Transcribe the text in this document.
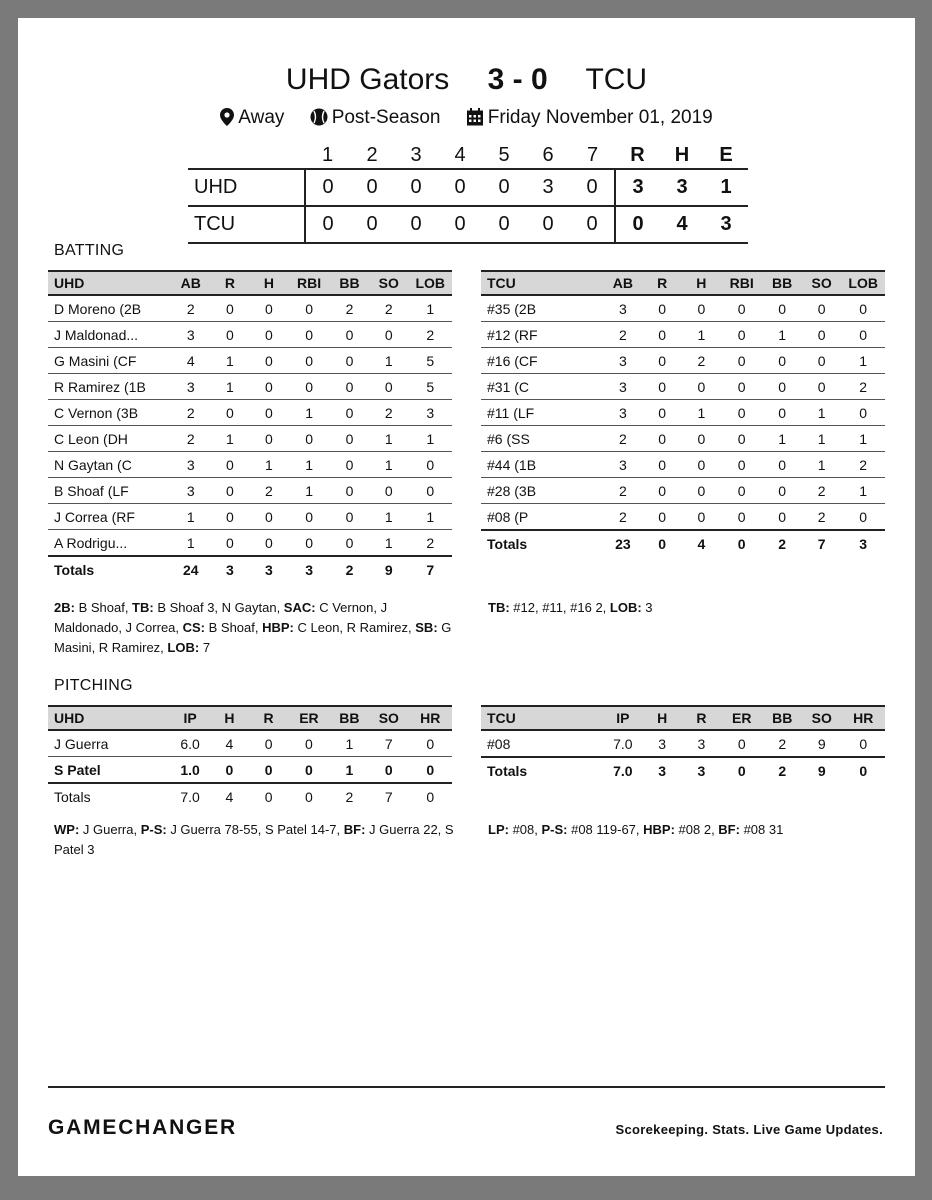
UHD Gators 3 - 0 TCU
Away Post-Season Friday November 01, 2019
	1	2	3	4	5	6	7	R	H	E
UHD	0	0	0	0	0	3	0	3	3	1
TCU	0	0	0	0	0	0	0	0	4	3
BATTING
UHD	AB	R	H	RBI	BB	SO	LOB
D Moreno (2B	2	0	0	0	2	2	1
J Maldonad...	3	0	0	0	0	0	2
G Masini (CF	4	1	0	0	0	1	5
R Ramirez (1B	3	1	0	0	0	0	5
C Vernon (3B	2	0	0	1	0	2	3
C Leon (DH	2	1	0	0	0	1	1
N Gaytan (C	3	0	1	1	0	1	0
B Shoaf (LF	3	0	2	1	0	0	0
J Correa (RF	1	0	0	0	0	1	1
A Rodrigu...	1	0	0	0	0	1	2
Totals	24	3	3	3	2	9	7
TCU	AB	R	H	RBI	BB	SO	LOB
#35 (2B	3	0	0	0	0	0	0
#12 (RF	2	0	1	0	1	0	0
#16 (CF	3	0	2	0	0	0	1
#31 (C	3	0	0	0	0	0	2
#11 (LF	3	0	1	0	0	1	0
#6 (SS	2	0	0	0	1	1	1
#44 (1B	3	0	0	0	0	1	2
#28 (3B	2	0	0	0	0	2	1
#08 (P	2	0	0	0	0	2	0
Totals	23	0	4	0	2	7	3
2B: B Shoaf, TB: B Shoaf 3, N Gaytan, SAC: C Vernon, J Maldonado, J Correa, CS: B Shoaf, HBP: C Leon, R Ramirez, SB: G Masini, R Ramirez, LOB: 7
TB: #12, #11, #16 2, LOB: 3
PITCHING
UHD	IP	H	R	ER	BB	SO	HR
J Guerra	6.0	4	0	0	1	7	0
S Patel	1.0	0	0	0	1	0	0
Totals	7.0	4	0	0	2	7	0
TCU	IP	H	R	ER	BB	SO	HR
#08	7.0	3	3	0	2	9	0
Totals	7.0	3	3	0	2	9	0
WP: J Guerra, P-S: J Guerra 78-55, S Patel 14-7, BF: J Guerra 22, S Patel 3
LP: #08, P-S: #08 119-67, HBP: #08 2, BF: #08 31
GAMECHANGER	Scorekeeping. Stats. Live Game Updates.
